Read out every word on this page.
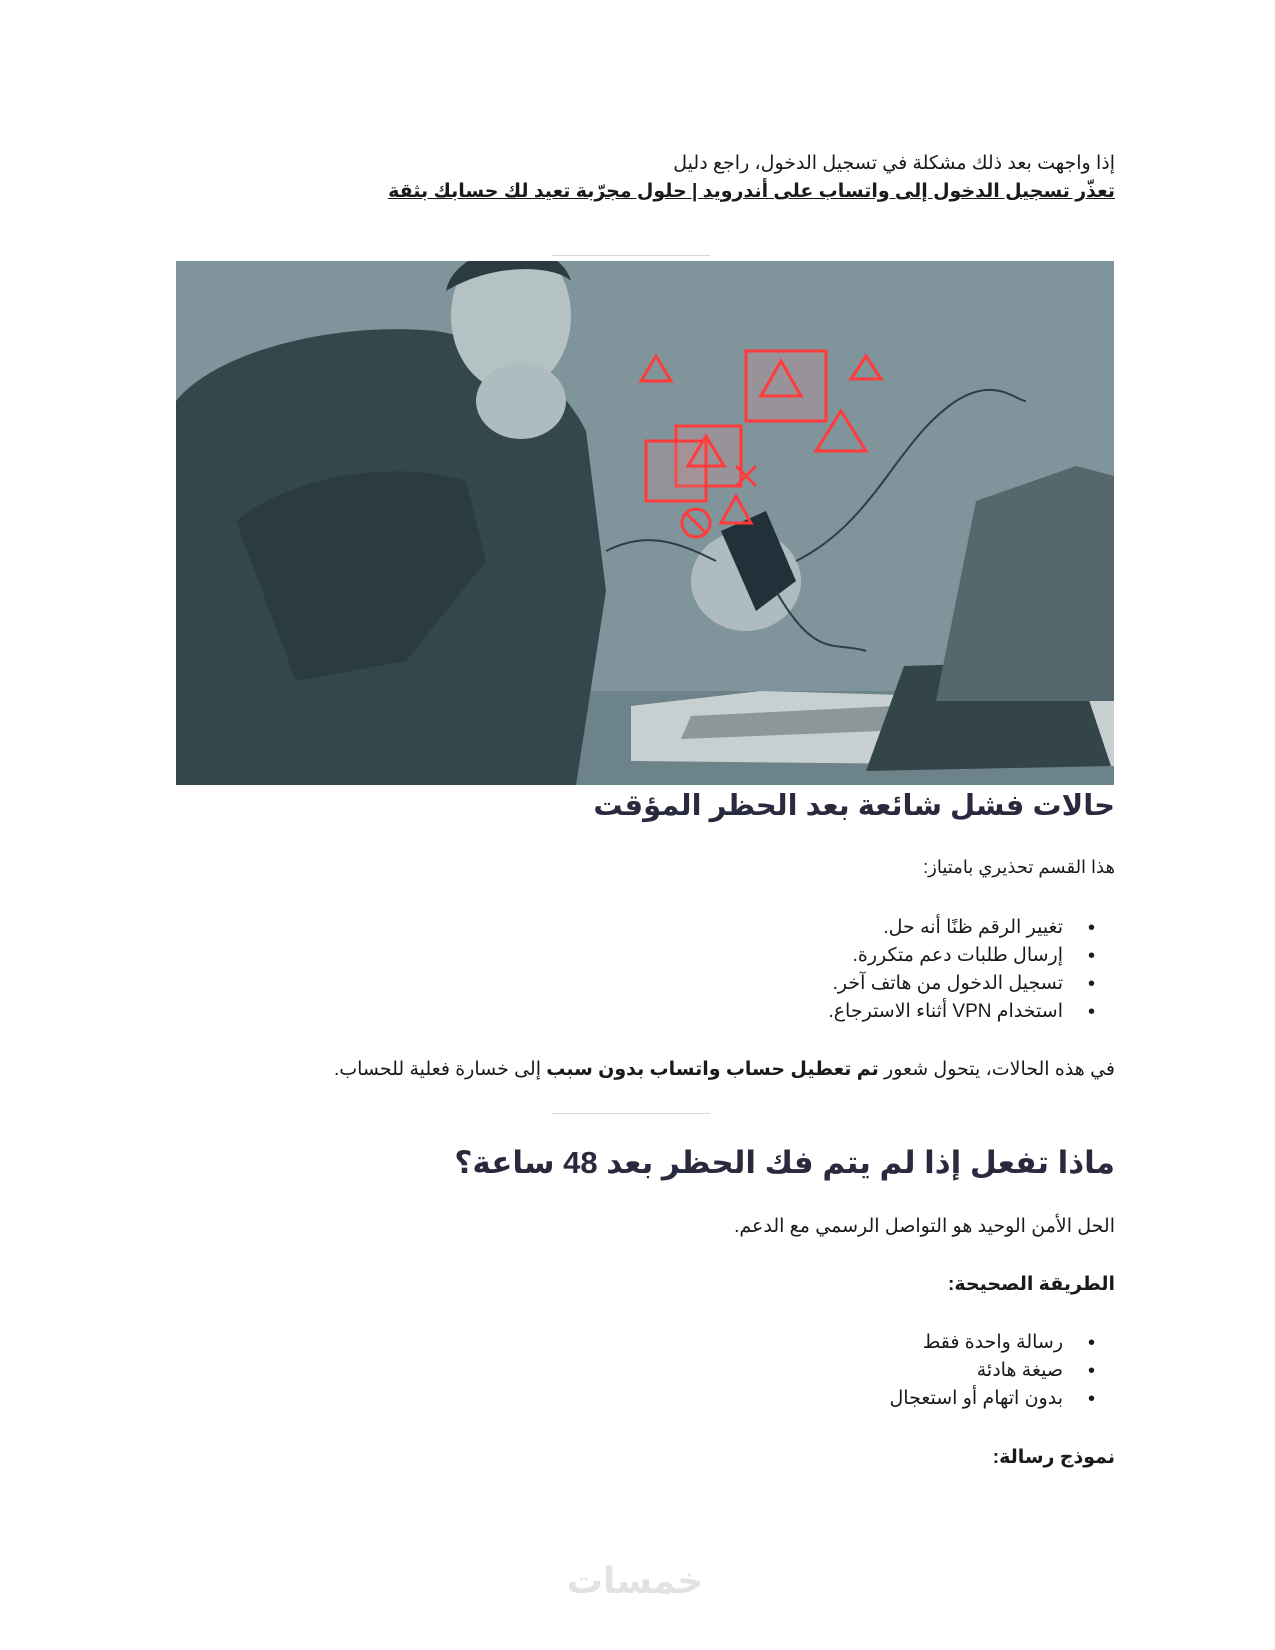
إذا واجهت بعد ذلك مشكلة في تسجيل الدخول، راجع دليل
تعذّر تسجيل الدخول إلى واتساب على أندرويد | حلول مجرّبة تعيد لك حسابك بثقة
حالات فشل شائعة بعد الحظر المؤقت
هذا القسم تحذيري بامتياز:
• تغيير الرقم ظنًا أنه حل.
• إرسال طلبات دعم متكررة.
• تسجيل الدخول من هاتف آخر.
• استخدام VPN أثناء الاسترجاع.
في هذه الحالات، يتحول شعور تم تعطيل حساب واتساب بدون سبب إلى خسارة فعلية للحساب.
ماذا تفعل إذا لم يتم فك الحظر بعد 48 ساعة؟
الحل الأمن الوحيد هو التواصل الرسمي مع الدعم.
الطريقة الصحيحة:
• رسالة واحدة فقط
• صيغة هادئة
• بدون اتهام أو استعجال
نموذج رسالة:
خمسات
